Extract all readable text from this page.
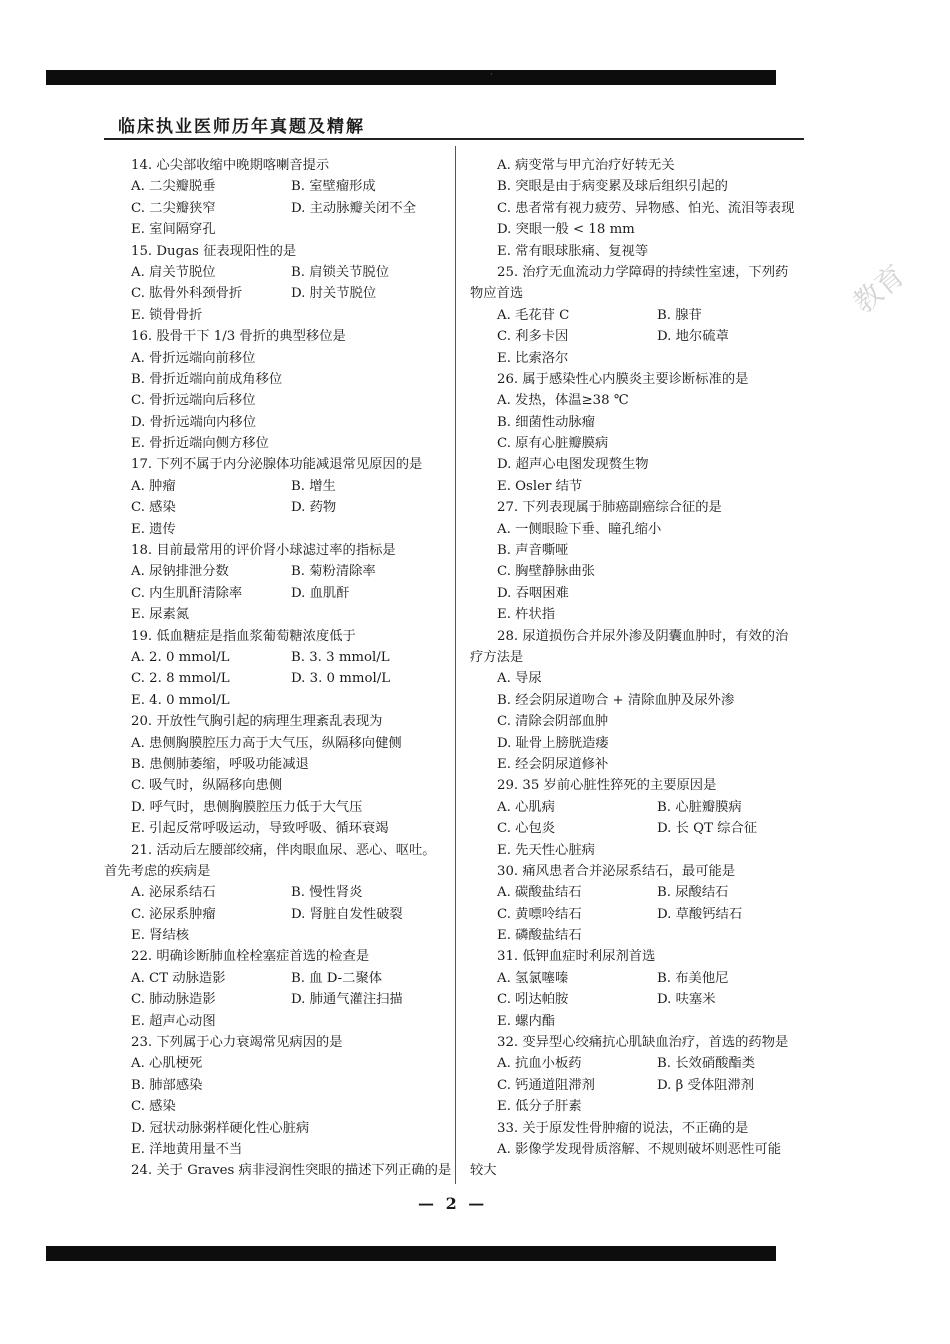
·
临床执业医师历年真题及精解
教育
14. 心尖部收缩中晚期喀喇音提示
A. 二尖瓣脱垂	B. 室壁瘤形成
C. 二尖瓣狭窄	D. 主动脉瓣关闭不全
E. 室间隔穿孔
15. Dugas 征表现阳性的是
A. 肩关节脱位	B. 肩锁关节脱位
C. 肱骨外科颈骨折	D. 肘关节脱位
E. 锁骨骨折
16. 股骨干下 1/3 骨折的典型移位是
A. 骨折远端向前移位
B. 骨折近端向前成角移位
C. 骨折远端向后移位
D. 骨折远端向内移位
E. 骨折近端向侧方移位
17. 下列不属于内分泌腺体功能减退常见原因的是
A. 肿瘤	B. 增生
C. 感染	D. 药物
E. 遗传
18. 目前最常用的评价肾小球滤过率的指标是
A. 尿钠排泄分数	B. 菊粉清除率
C. 内生肌酐清除率	D. 血肌酐
E. 尿素氮
19. 低血糖症是指血浆葡萄糖浓度低于
A. 2. 0 mmol/L	B. 3. 3 mmol/L
C. 2. 8 mmol/L	D. 3. 0 mmol/L
E. 4. 0 mmol/L
20. 开放性气胸引起的病理生理紊乱表现为
A. 患侧胸膜腔压力高于大气压，纵隔移向健侧
B. 患侧肺萎缩，呼吸功能减退
C. 吸气时，纵隔移向患侧
D. 呼气时，患侧胸膜腔压力低于大气压
E. 引起反常呼吸运动，导致呼吸、循环衰竭
21. 活动后左腰部绞痛，伴肉眼血尿、恶心、呕吐。
首先考虑的疾病是
A. 泌尿系结石	B. 慢性肾炎
C. 泌尿系肿瘤	D. 肾脏自发性破裂
E. 肾结核
22. 明确诊断肺血栓栓塞症首选的检查是
A. CT 动脉造影	B. 血 D-二聚体
C. 肺动脉造影	D. 肺通气灌注扫描
E. 超声心动图
23. 下列属于心力衰竭常见病因的是
A. 心肌梗死
B. 肺部感染
C. 感染
D. 冠状动脉粥样硬化性心脏病
E. 洋地黄用量不当
24. 关于 Graves 病非浸润性突眼的描述下列正确的是
A. 病变常与甲亢治疗好转无关
B. 突眼是由于病变累及球后组织引起的
C. 患者常有视力疲劳、异物感、怕光、流泪等表现
D. 突眼一般 < 18 mm
E. 常有眼球胀痛、复视等
25. 治疗无血流动力学障碍的持续性室速，下列药
物应首选
A. 毛花苷 C	B. 腺苷
C. 利多卡因	D. 地尔硫䓬
E. 比索洛尔
26. 属于感染性心内膜炎主要诊断标准的是
A. 发热，体温≥38 ℃
B. 细菌性动脉瘤
C. 原有心脏瓣膜病
D. 超声心电图发现赘生物
E. Osler 结节
27. 下列表现属于肺癌副癌综合征的是
A. 一侧眼睑下垂、瞳孔缩小
B. 声音嘶哑
C. 胸壁静脉曲张
D. 吞咽困难
E. 杵状指
28. 尿道损伤合并尿外渗及阴囊血肿时，有效的治
疗方法是
A. 导尿
B. 经会阴尿道吻合 + 清除血肿及尿外渗
C. 清除会阴部血肿
D. 耻骨上膀胱造瘘
E. 经会阴尿道修补
29. 35 岁前心脏性猝死的主要原因是
A. 心肌病	B. 心脏瓣膜病
C. 心包炎	D. 长 QT 综合征
E. 先天性心脏病
30. 痛风患者合并泌尿系结石，最可能是
A. 碳酸盐结石	B. 尿酸结石
C. 黄嘌呤结石	D. 草酸钙结石
E. 磷酸盐结石
31. 低钾血症时利尿剂首选
A. 氢氯噻嗪	B. 布美他尼
C. 吲达帕胺	D. 呋塞米
E. 螺内酯
32. 变异型心绞痛抗心肌缺血治疗，首选的药物是
A. 抗血小板药	B. 长效硝酸酯类
C. 钙通道阻滞剂	D. β 受体阻滞剂
E. 低分子肝素
33. 关于原发性骨肿瘤的说法，不正确的是
A. 影像学发现骨质溶解、不规则破坏则恶性可能
较大
— 2 —
